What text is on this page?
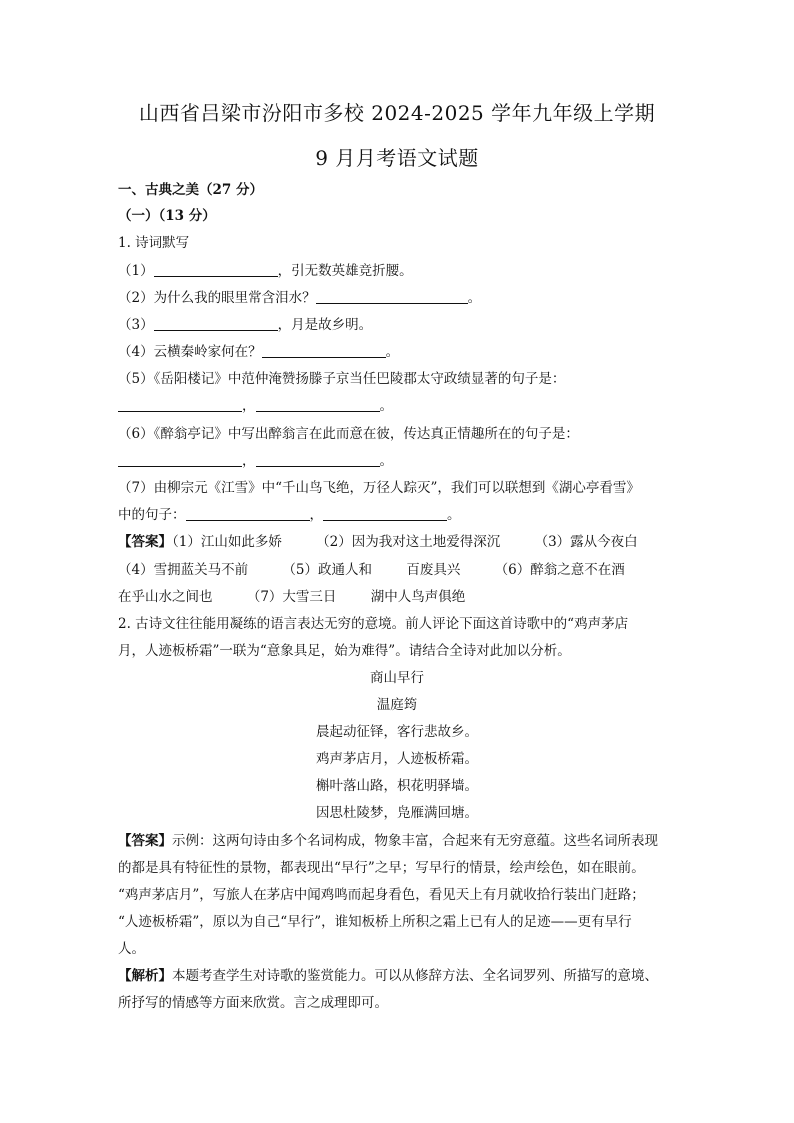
山西省吕梁市汾阳市多校 2024-2025 学年九年级上学期
9 月月考语文试题
一、古典之美（27 分）
（一）（13 分）
1. 诗词默写
（1）	，引无数英雄竞折腰。
（2）为什么我的眼里常含泪水？	。
（3）	，月是故乡明。
（4）云横秦岭家何在？	。
（5）《岳阳楼记》中范仲淹赞扬滕子京当任巴陵郡太守政绩显著的句子是：
，	。
（6）《醉翁亭记》中写出醉翁言在此而意在彼，传达真正情趣所在的句子是：
，	。
（7）由柳宗元《江雪》中“千山鸟飞绝，万径人踪灭”，我们可以联想到《湖心亭看雪》
中的句子：	，	。
【答案】（1）江山如此多娇        （2）因为我对这土地爱得深沉        （3）露从今夜白
（4）雪拥蓝关马不前        （5）政通人和        百废具兴        （6）醉翁之意不在酒
在乎山水之间也        （7）大雪三日        湖中人鸟声俱绝
2. 古诗文往往能用凝练的语言表达无穷的意境。前人评论下面这首诗歌中的“鸡声茅店
月，人迹板桥霜”一联为“意象具足，始为难得”。请结合全诗对此加以分析。
商山早行
温庭筠
晨起动征铎，客行悲故乡。
鸡声茅店月，人迹板桥霜。
槲叶落山路，枳花明驿墙。
因思杜陵梦，凫雁满回塘。
【答案】示例：这两句诗由多个名词构成，物象丰富，合起来有无穷意蕴。这些名词所表现
的都是具有特征性的景物，都表现出“早行”之早；写早行的情景，绘声绘色，如在眼前。
“鸡声茅店月”，写旅人在茅店中闻鸡鸣而起身看色，看见天上有月就收拾行装出门赶路；
“人迹板桥霜”，原以为自己“早行”，谁知板桥上所积之霜上已有人的足迹——更有早行
人。
【解析】本题考查学生对诗歌的鉴赏能力。可以从修辞方法、全名词罗列、所描写的意境、
所抒写的情感等方面来欣赏。言之成理即可。
